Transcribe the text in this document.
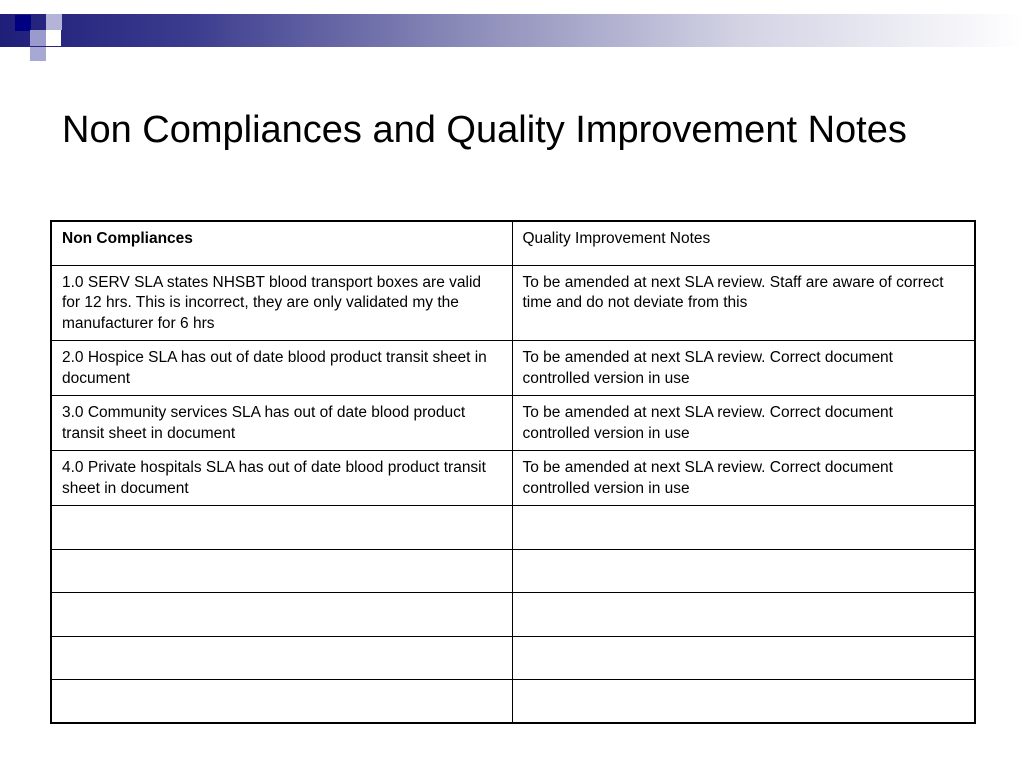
Non Compliances and Quality Improvement Notes
Non Compliances	Quality Improvement Notes
1.0 SERV SLA states NHSBT blood transport boxes are valid for 12 hrs. This is incorrect, they are only validated my the manufacturer for 6 hrs	To be amended at next SLA review. Staff are aware of correct time and do not deviate from this
2.0 Hospice SLA has out of date blood product transit sheet in document	To be amended at next SLA review. Correct document controlled version in use
3.0 Community services SLA has out of date blood product transit sheet in document	To be amended at next SLA review. Correct document controlled version in use
4.0 Private hospitals SLA has out of date blood product transit sheet in document	To be amended at next SLA review. Correct document controlled version in use
